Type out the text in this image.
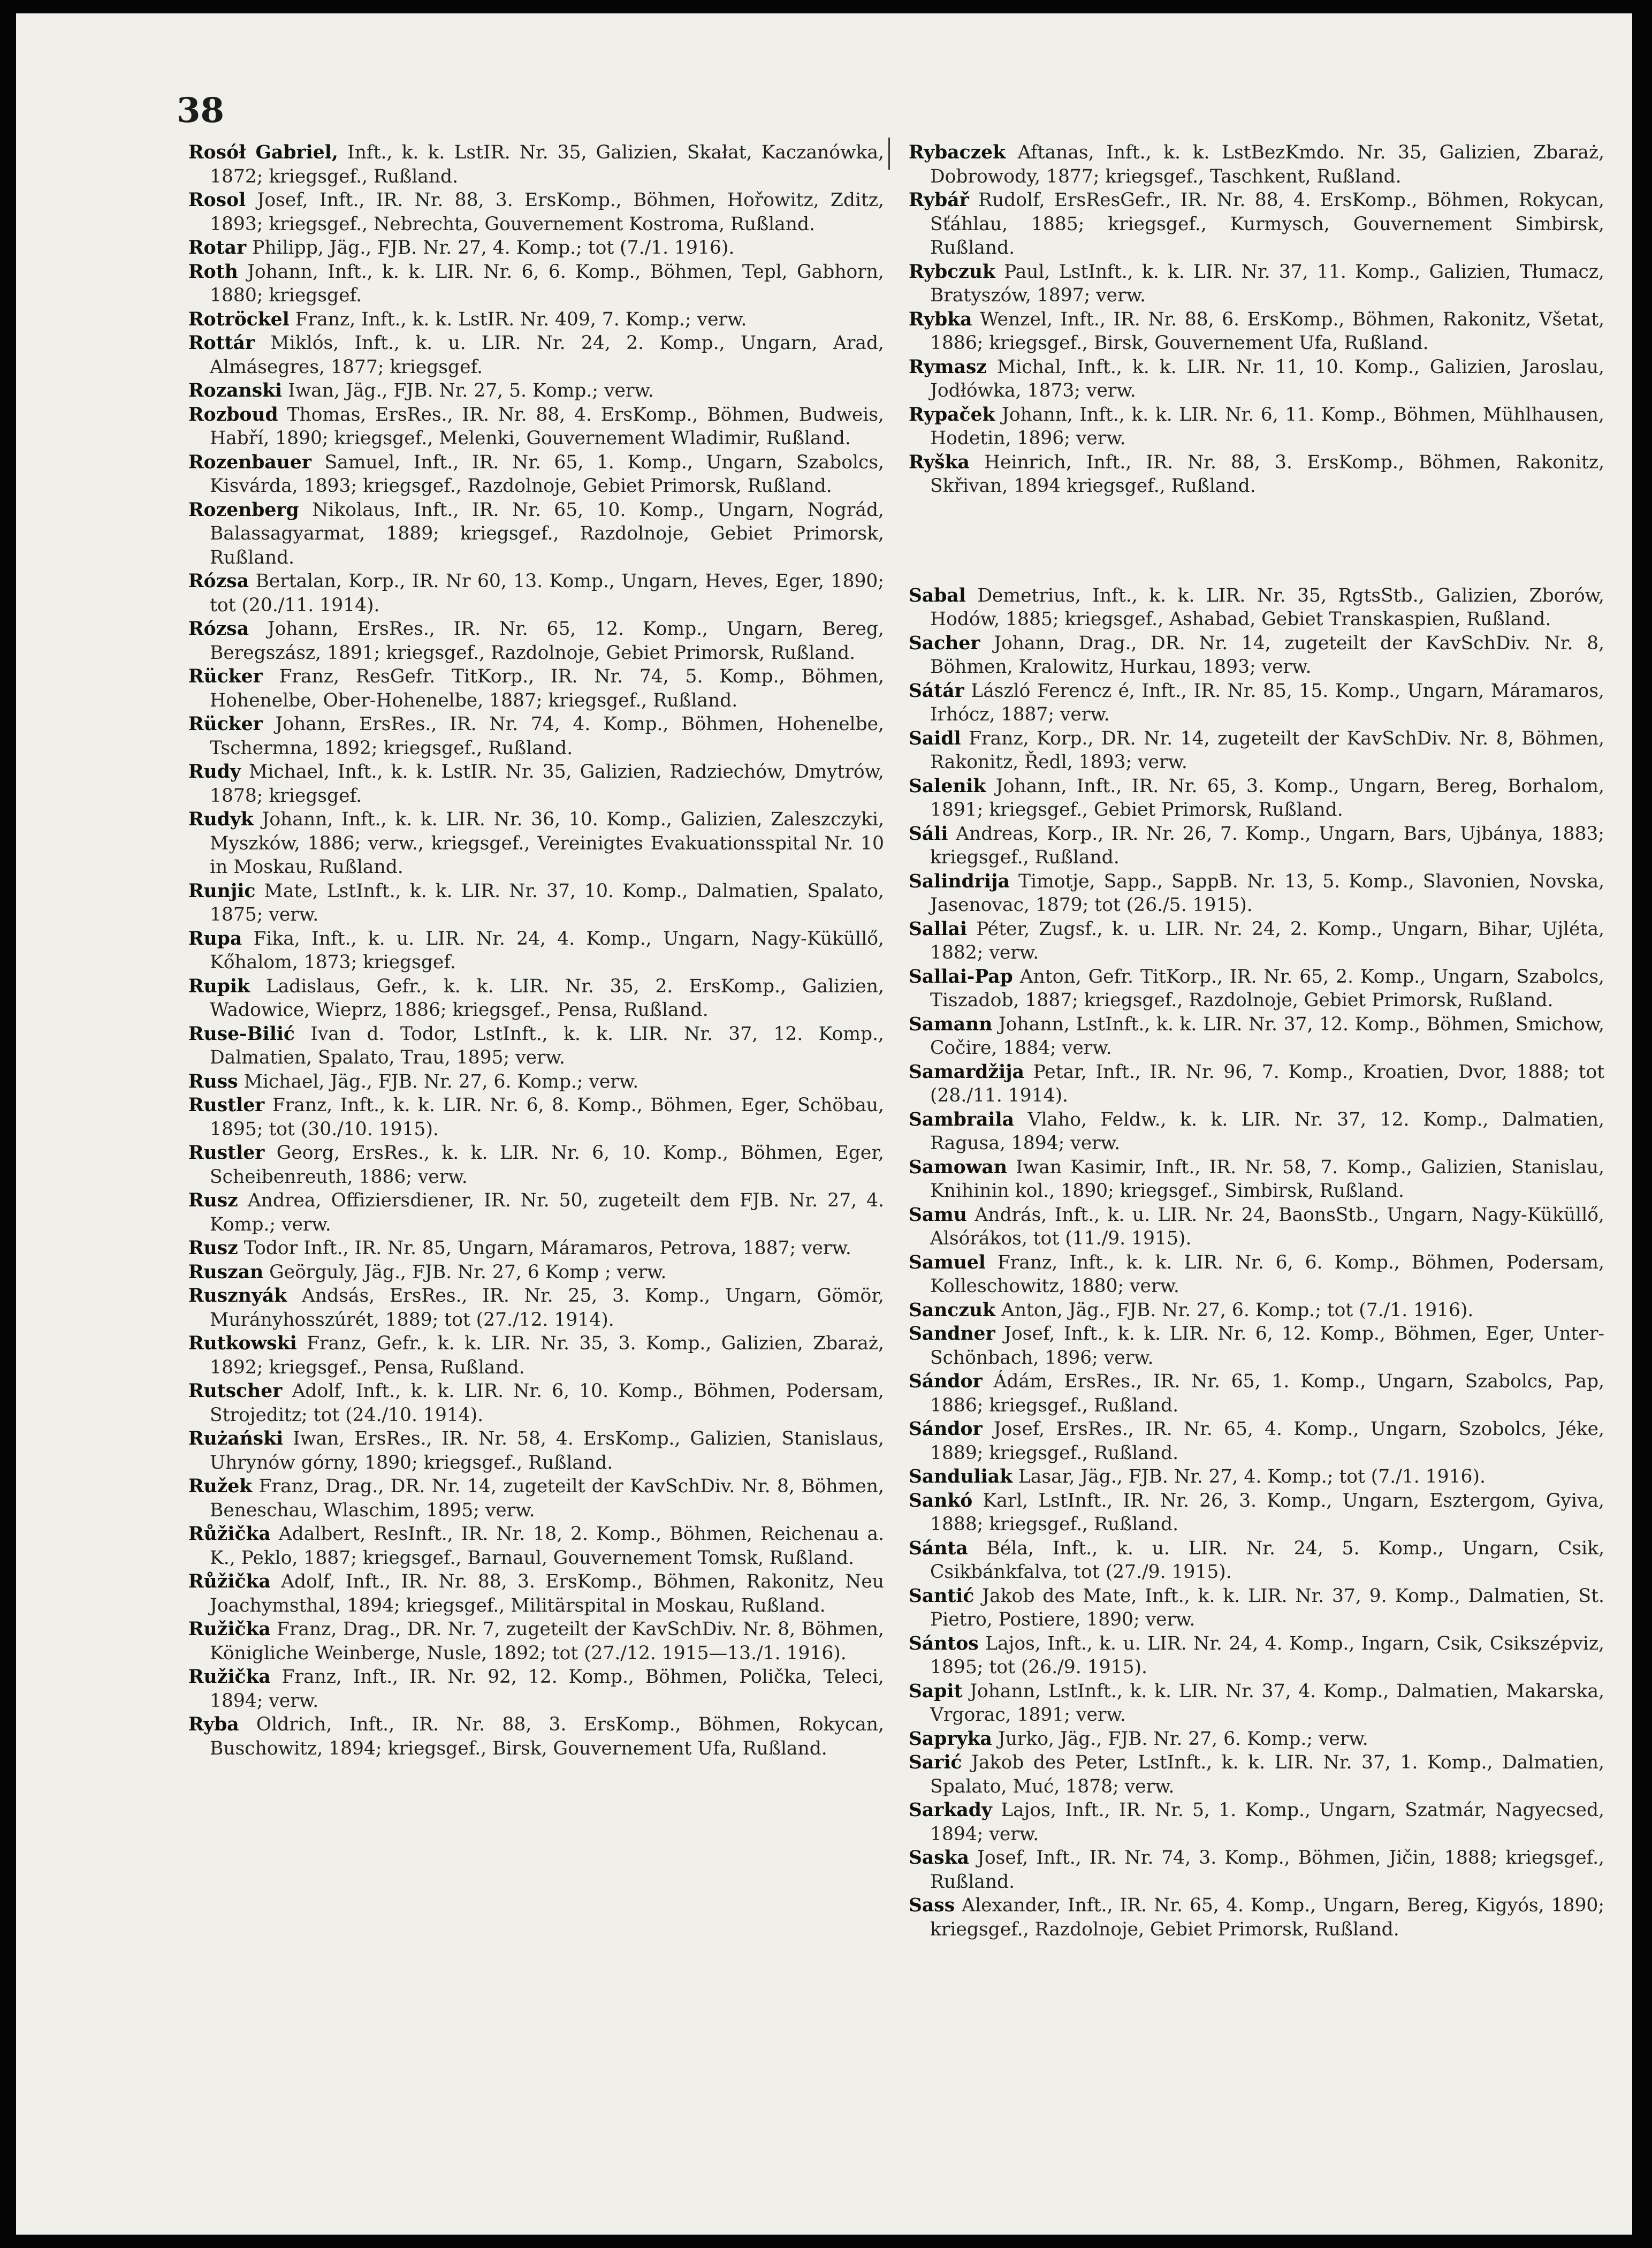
38

Rosół Gabriel, Inft., k. k. LstIR. Nr. 35, Galizien, Skałat, Kaczanówka, 1872; kriegsgef., Rußland.

Rosol Josef, Inft., IR. Nr. 88, 3. ErsKomp., Böhmen, Hořowitz, Zditz, 1893; kriegsgef., Nebrechta, Gouvernement Kostroma, Rußland.

Rotar Philipp, Jäg., FJB. Nr. 27, 4. Komp.; tot (7./1. 1916).

Roth Johann, Inft., k. k. LIR. Nr. 6, 6. Komp., Böhmen, Tepl, Gabhorn, 1880; kriegsgef.

Rotröckel Franz, Inft., k. k. LstIR. Nr. 409, 7. Komp.; verw.

Rottár Miklós, Inft., k. u. LIR. Nr. 24, 2. Komp., Ungarn, Arad, Almásegres, 1877; kriegsgef.

Rozanski Iwan, Jäg., FJB. Nr. 27, 5. Komp.; verw.

Rozboud Thomas, ErsRes., IR. Nr. 88, 4. ErsKomp., Böhmen, Budweis, Habří, 1890; kriegsgef., Melenki, Gouvernement Wladimir, Rußland.

Rozenbauer Samuel, Inft., IR. Nr. 65, 1. Komp., Ungarn, Szabolcs, Kisvárda, 1893; kriegsgef., Razdolnoje, Gebiet Primorsk, Rußland.

Rozenberg Nikolaus, Inft., IR. Nr. 65, 10. Komp., Ungarn, Nográd, Balassagyarmat, 1889; kriegsgef., Razdolnoje, Gebiet Primorsk, Rußland.

Rózsa Bertalan, Korp., IR. Nr 60, 13. Komp., Ungarn, Heves, Eger, 1890; tot (20./11. 1914).

Rózsa Johann, ErsRes., IR. Nr. 65, 12. Komp., Ungarn, Bereg, Beregszász, 1891; kriegsgef., Razdolnoje, Gebiet Primorsk, Rußland.

Rücker Franz, ResGefr. TitKorp., IR. Nr. 74, 5. Komp., Böhmen, Hohenelbe, Ober-Hohenelbe, 1887; kriegsgef., Rußland.

Rücker Johann, ErsRes., IR. Nr. 74, 4. Komp., Böhmen, Hohenelbe, Tschermna, 1892; kriegsgef., Rußland.

Rudy Michael, Inft., k. k. LstIR. Nr. 35, Galizien, Radziechów, Dmytrów, 1878; kriegsgef.

Rudyk Johann, Inft., k. k. LIR. Nr. 36, 10. Komp., Galizien, Zaleszczyki, Myszków, 1886; verw., kriegsgef., Vereinigtes Evakuationsspital Nr. 10 in Moskau, Rußland.

Runjic Mate, LstInft., k. k. LIR. Nr. 37, 10. Komp., Dalmatien, Spalato, 1875; verw.

Rupa Fika, Inft., k. u. LIR. Nr. 24, 4. Komp., Ungarn, Nagy-Küküllő, Kőhalom, 1873; kriegsgef.

Rupik Ladislaus, Gefr., k. k. LIR. Nr. 35, 2. ErsKomp., Galizien, Wadowice, Wieprz, 1886; kriegsgef., Pensa, Rußland.

Ruse-Bilić Ivan d. Todor, LstInft., k. k. LIR. Nr. 37, 12. Komp., Dalmatien, Spalato, Trau, 1895; verw.

Russ Michael, Jäg., FJB. Nr. 27, 6. Komp.; verw.

Rustler Franz, Inft., k. k. LIR. Nr. 6, 8. Komp., Böhmen, Eger, Schöbau, 1895; tot (30./10. 1915).

Rustler Georg, ErsRes., k. k. LIR. Nr. 6, 10. Komp., Böhmen, Eger, Scheibenreuth, 1886; verw.

Rusz Andrea, Offiziersdiener, IR. Nr. 50, zugeteilt dem FJB. Nr. 27, 4. Komp.; verw.

Rusz Todor Inft., IR. Nr. 85, Ungarn, Máramaros, Petrova, 1887; verw.

Ruszan Geörguly, Jäg., FJB. Nr. 27, 6 Komp ; verw.

Rusznyák Andsás, ErsRes., IR. Nr. 25, 3. Komp., Ungarn, Gömör, Murányhosszúrét, 1889; tot (27./12. 1914).

Rutkowski Franz, Gefr., k. k. LIR. Nr. 35, 3. Komp., Galizien, Zbaraż, 1892; kriegsgef., Pensa, Rußland.

Rutscher Adolf, Inft., k. k. LIR. Nr. 6, 10. Komp., Böhmen, Podersam, Strojeditz; tot (24./10. 1914).

Rużański Iwan, ErsRes., IR. Nr. 58, 4. ErsKomp., Galizien, Stanislaus, Uhrynów górny, 1890; kriegsgef., Rußland.

Ružek Franz, Drag., DR. Nr. 14, zugeteilt der KavSchDiv. Nr. 8, Böhmen, Beneschau, Wlaschim, 1895; verw.

Růžička Adalbert, ResInft., IR. Nr. 18, 2. Komp., Böhmen, Reichenau a. K., Peklo, 1887; kriegsgef., Barnaul, Gouvernement Tomsk, Rußland.

Růžička Adolf, Inft., IR. Nr. 88, 3. ErsKomp., Böhmen, Rakonitz, Neu Joachymsthal, 1894; kriegsgef., Militärspital in Moskau, Rußland.

Ružička Franz, Drag., DR. Nr. 7, zugeteilt der KavSchDiv. Nr. 8, Böhmen, Königliche Weinberge, Nusle, 1892; tot (27./12. 1915—13./1. 1916).

Ružička Franz, Inft., IR. Nr. 92, 12. Komp., Böhmen, Polička, Teleci, 1894; verw.

Ryba Oldrich, Inft., IR. Nr. 88, 3. ErsKomp., Böhmen, Rokycan, Buschowitz, 1894; kriegsgef., Birsk, Gouvernement Ufa, Rußland.

Rybaczek Aftanas, Inft., k. k. LstBezKmdo. Nr. 35, Galizien, Zbaraż, Dobrowody, 1877; kriegsgef., Taschkent, Rußland.

Rybář Rudolf, ErsResGefr., IR. Nr. 88, 4. ErsKomp., Böhmen, Rokycan, Sťáhlau, 1885; kriegsgef., Kurmysch, Gouvernement Simbirsk, Rußland.

Rybczuk Paul, LstInft., k. k. LIR. Nr. 37, 11. Komp., Galizien, Tłumacz, Bratyszów, 1897; verw.

Rybka Wenzel, Inft., IR. Nr. 88, 6. ErsKomp., Böhmen, Rakonitz, Všetat, 1886; kriegsgef., Birsk, Gouvernement Ufa, Rußland.

Rymasz Michal, Inft., k. k. LIR. Nr. 11, 10. Komp., Galizien, Jaroslau, Jodłówka, 1873; verw.

Rypaček Johann, Inft., k. k. LIR. Nr. 6, 11. Komp., Böhmen, Mühlhausen, Hodetin, 1896; verw.

Ryška Heinrich, Inft., IR. Nr. 88, 3. ErsKomp., Böhmen, Rakonitz, Skřivan, 1894 kriegsgef., Rußland.

Sabal Demetrius, Inft., k. k. LIR. Nr. 35, RgtsStb., Galizien, Zborów, Hodów, 1885; kriegsgef., Ashabad, Gebiet Transkaspien, Rußland.

Sacher Johann, Drag., DR. Nr. 14, zugeteilt der KavSchDiv. Nr. 8, Böhmen, Kralowitz, Hurkau, 1893; verw.

Sátár László Ferencz é, Inft., IR. Nr. 85, 15. Komp., Ungarn, Máramaros, Irhócz, 1887; verw.

Saidl Franz, Korp., DR. Nr. 14, zugeteilt der KavSchDiv. Nr. 8, Böhmen, Rakonitz, Ředl, 1893; verw.

Salenik Johann, Inft., IR. Nr. 65, 3. Komp., Ungarn, Bereg, Borhalom, 1891; kriegsgef., Gebiet Primorsk, Rußland.

Sáli Andreas, Korp., IR. Nr. 26, 7. Komp., Ungarn, Bars, Ujbánya, 1883; kriegsgef., Rußland.

Salindrija Timotje, Sapp., SappB. Nr. 13, 5. Komp., Slavonien, Novska, Jasenovac, 1879; tot (26./5. 1915).

Sallai Péter, Zugsf., k. u. LIR. Nr. 24, 2. Komp., Ungarn, Bihar, Ujléta, 1882; verw.

Sallai-Pap Anton, Gefr. TitKorp., IR. Nr. 65, 2. Komp., Ungarn, Szabolcs, Tiszadob, 1887; kriegsgef., Razdolnoje, Gebiet Primorsk, Rußland.

Samann Johann, LstInft., k. k. LIR. Nr. 37, 12. Komp., Böhmen, Smichow, Cočire, 1884; verw.

Samardžija Petar, Inft., IR. Nr. 96, 7. Komp., Kroatien, Dvor, 1888; tot (28./11. 1914).

Sambraila Vlaho, Feldw., k. k. LIR. Nr. 37, 12. Komp., Dalmatien, Ragusa, 1894; verw.

Samowan Iwan Kasimir, Inft., IR. Nr. 58, 7. Komp., Galizien, Stanislau, Knihinin kol., 1890; kriegsgef., Simbirsk, Rußland.

Samu András, Inft., k. u. LIR. Nr. 24, BaonsStb., Ungarn, Nagy-Küküllő, Alsórákos, tot (11./9. 1915).

Samuel Franz, Inft., k. k. LIR. Nr. 6, 6. Komp., Böhmen, Podersam, Kolleschowitz, 1880; verw.

Sanczuk Anton, Jäg., FJB. Nr. 27, 6. Komp.; tot (7./1. 1916).

Sandner Josef, Inft., k. k. LIR. Nr. 6, 12. Komp., Böhmen, Eger, Unter-Schönbach, 1896; verw.

Sándor Ádám, ErsRes., IR. Nr. 65, 1. Komp., Ungarn, Szabolcs, Pap, 1886; kriegsgef., Rußland.

Sándor Josef, ErsRes., IR. Nr. 65, 4. Komp., Ungarn, Szobolcs, Jéke, 1889; kriegsgef., Rußland.

Sanduliak Lasar, Jäg., FJB. Nr. 27, 4. Komp.; tot (7./1. 1916).

Sankó Karl, LstInft., IR. Nr. 26, 3. Komp., Ungarn, Esztergom, Gyiva, 1888; kriegsgef., Rußland.

Sánta Béla, Inft., k. u. LIR. Nr. 24, 5. Komp., Ungarn, Csik, Csikbánkfalva, tot (27./9. 1915).

Santić Jakob des Mate, Inft., k. k. LIR. Nr. 37, 9. Komp., Dalmatien, St. Pietro, Postiere, 1890; verw.

Sántos Lajos, Inft., k. u. LIR. Nr. 24, 4. Komp., Ingarn, Csik, Csikszépviz, 1895; tot (26./9. 1915).

Sapit Johann, LstInft., k. k. LIR. Nr. 37, 4. Komp., Dalmatien, Makarska, Vrgorac, 1891; verw.

Sapryka Jurko, Jäg., FJB. Nr. 27, 6. Komp.; verw.

Sarić Jakob des Peter, LstInft., k. k. LIR. Nr. 37, 1. Komp., Dalmatien, Spalato, Muć, 1878; verw.

Sarkady Lajos, Inft., IR. Nr. 5, 1. Komp., Ungarn, Szatmár, Nagyecsed, 1894; verw.

Saska Josef, Inft., IR. Nr. 74, 3. Komp., Böhmen, Jičin, 1888; kriegsgef., Rußland.

Sass Alexander, Inft., IR. Nr. 65, 4. Komp., Ungarn, Bereg, Kigyós, 1890; kriegsgef., Razdolnoje, Gebiet Primorsk, Rußland.
